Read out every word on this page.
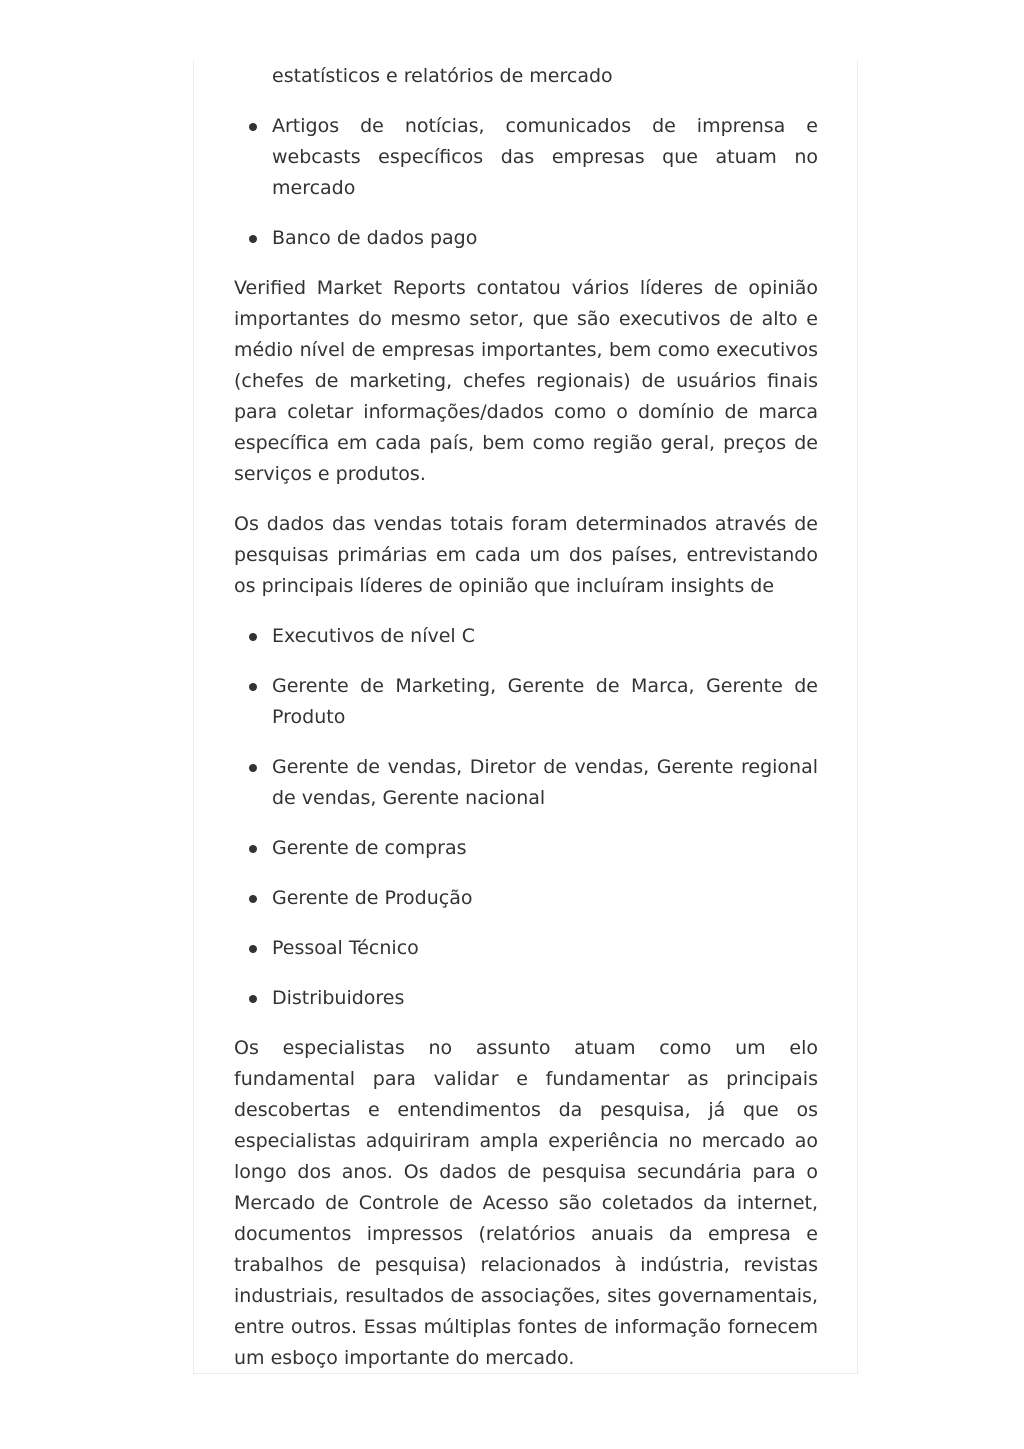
estatísticos e relatórios de mercado
Artigos de notícias, comunicados de imprensa e webcasts específicos das empresas que atuam no mercado
Banco de dados pago

Verified Market Reports contatou vários líderes de opinião importantes do mesmo setor, que são executivos de alto e médio nível de empresas importantes, bem como executivos (chefes de marketing, chefes regionais) de usuários finais para coletar informações/dados como o domínio de marca específica em cada país, bem como região geral, preços de serviços e produtos.

Os dados das vendas totais foram determinados através de pesquisas primárias em cada um dos países, entrevistando os principais líderes de opinião que incluíram insights de

Executivos de nível C
Gerente de Marketing, Gerente de Marca, Gerente de Produto
Gerente de vendas, Diretor de vendas, Gerente regional de vendas, Gerente nacional
Gerente de compras
Gerente de Produção
Pessoal Técnico
Distribuidores

Os especialistas no assunto atuam como um elo fundamental para validar e fundamentar as principais descobertas e entendimentos da pesquisa, já que os especialistas adquiriram ampla experiência no mercado ao longo dos anos. Os dados de pesquisa secundária para o Mercado de Controle de Acesso são coletados da internet, documentos impressos (relatórios anuais da empresa e trabalhos de pesquisa) relacionados à indústria, revistas industriais, resultados de associações, sites governamentais, entre outros. Essas múltiplas fontes de informação fornecem um esboço importante do mercado.
